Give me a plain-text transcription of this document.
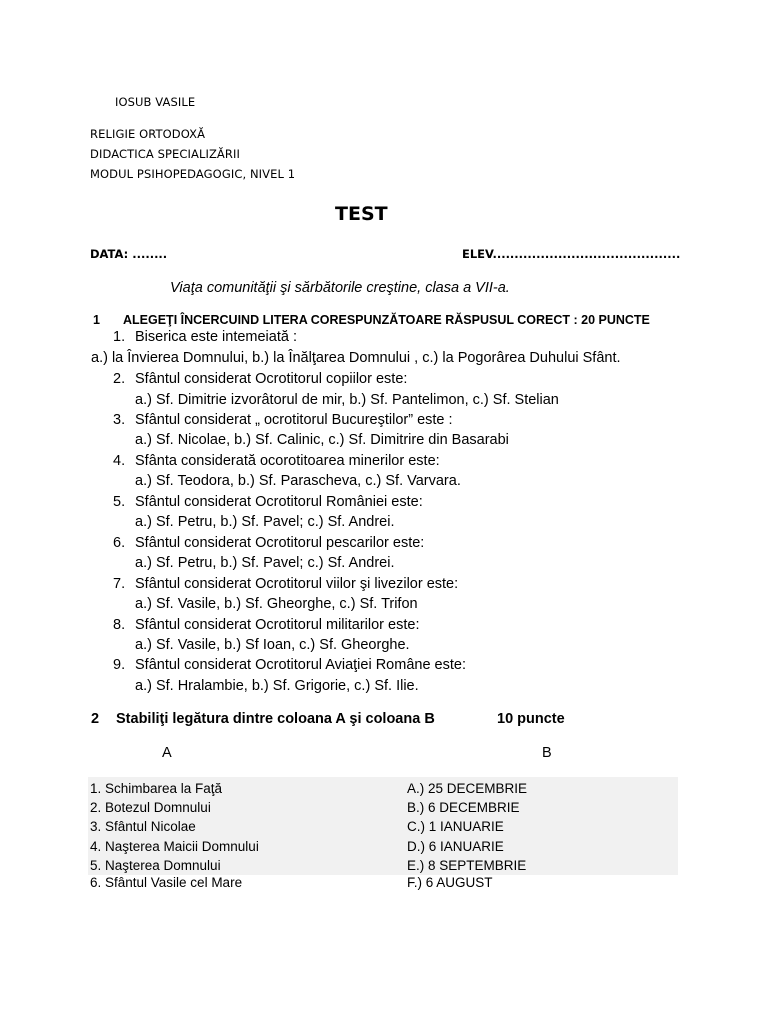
IOSUB VASILE
RELIGIE ORTODOXĂ
DIDACTICA SPECIALIZĂRII
MODUL PSIHOPEDAGOGIC, NIVEL 1
TEST
DATA: ........	ELEV...........................................
Viaţa comunităţii şi sărbătorile creştine, clasa a VII-a.
1 ALEGEŢI ÎNCERCUIND LITERA CORESPUNZĂTOARE RĂSPUSUL CORECT : 20 PUNCTE
1. Biserica este intemeiată :
a.) la Învierea Domnului, b.) la Înălţarea Domnului , c.) la Pogorârea Duhului Sfânt.
2. Sfântul considerat Ocrotitorul copiilor este:
a.) Sf. Dimitrie izvorâtorul de mir, b.) Sf. Pantelimon, c.) Sf. Stelian
3. Sfântul considerat „ ocrotitorul Bucureştilor” este :
a.) Sf. Nicolae, b.) Sf. Calinic, c.) Sf. Dimitrire din Basarabi
4. Sfânta considerată ocorotitoarea minerilor este:
a.) Sf. Teodora, b.) Sf. Parascheva, c.) Sf. Varvara.
5. Sfântul considerat Ocrotitorul României este:
a.) Sf. Petru, b.) Sf. Pavel; c.) Sf. Andrei.
6. Sfântul considerat Ocrotitorul pescarilor este:
a.) Sf. Petru, b.) Sf. Pavel; c.) Sf. Andrei.
7. Sfântul considerat Ocrotitorul viilor şi livezilor este:
a.) Sf. Vasile, b.) Sf. Gheorghe, c.) Sf. Trifon
8. Sfântul considerat Ocrotitorul militarilor este:
a.) Sf. Vasile, b.) Sf Ioan, c.) Sf. Gheorghe.
9. Sfântul considerat Ocrotitorul Aviaţiei Române este:
a.) Sf. Hralambie, b.) Sf. Grigorie, c.) Sf. Ilie.
2 Stabiliţi legătura dintre coloana A şi coloana B	10 puncte
A	B
1. Schimbarea la Faţă	A.) 25 DECEMBRIE
2. Botezul Domnului	B.) 6 DECEMBRIE
3. Sfântul Nicolae	C.) 1 IANUARIE
4. Naşterea Maicii Domnului	D.) 6 IANUARIE
5. Naşterea Domnului	E.) 8 SEPTEMBRIE
6. Sfântul Vasile cel Mare	F.) 6 AUGUST
